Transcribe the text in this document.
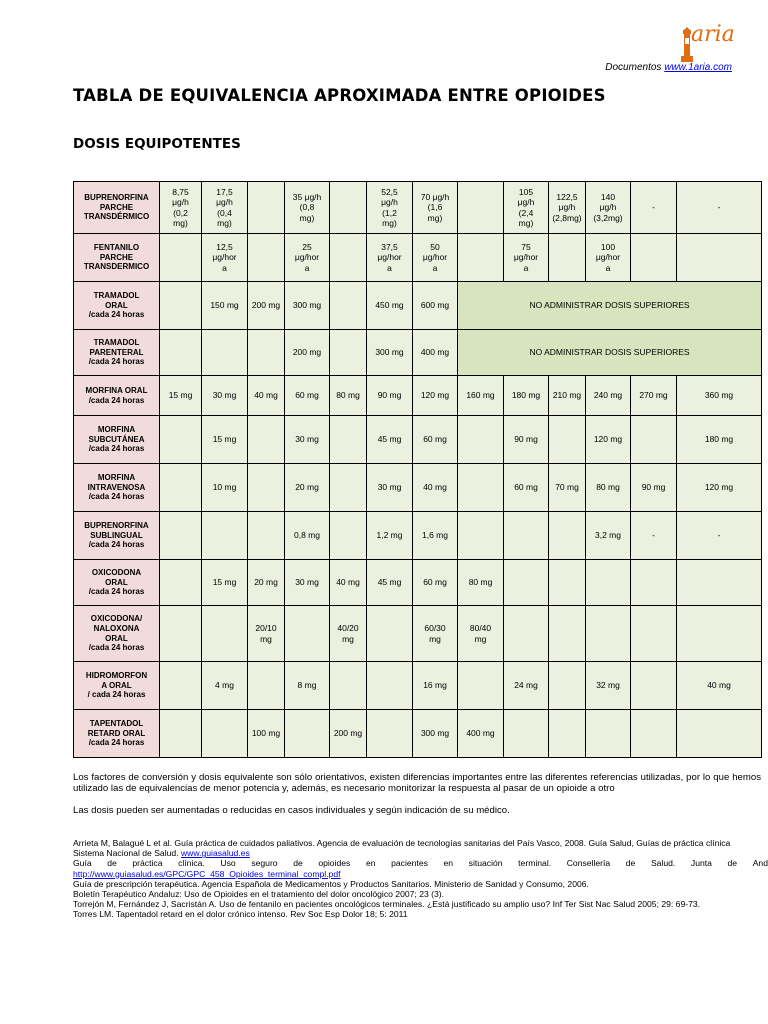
aria
Documentos www.1aria.com
TABLA DE EQUIVALENCIA APROXIMADA ENTRE OPIOIDES
DOSIS EQUIPOTENTES
BUPRENORFINA
PARCHE
TRANSDÉRMICO	8,75
μg/h
(0,2
mg)	17,5
μg/h
(0,4
mg)		35 μg/h
(0,8
mg)		52,5
μg/h
(1,2
mg)	70 μg/h
(1,6
mg)		105
μg/h
(2,4
mg)	122,5
μg/h
(2,8mg)	140
μg/h
(3,2mg)	-	-

FENTANILO
PARCHE
TRANSDERMICO		12,5
μg/hor
a		25
μg/hor
a		37,5
μg/hor
a	50
μg/hor
a		75
μg/hor
a		100
μg/hor
a		

TRAMADOL
ORAL
/cada 24 horas		150 mg	200 mg	300 mg		450 mg	600 mg	NO ADMINISTRAR DOSIS SUPERIORES					

TRAMADOL
PARENTERAL
/cada 24 horas				200 mg		300 mg	400 mg	NO ADMINISTRAR DOSIS SUPERIORES					

MORFINA ORAL
/cada 24 horas	15 mg	30 mg	40 mg	60 mg	80 mg	90 mg	120 mg	160 mg	180 mg	210 mg	240 mg	270 mg	360 mg

MORFINA
SUBCUTÁNEA
/cada 24 horas		15 mg		30 mg		45 mg	60 mg		90 mg		120 mg		180 mg

MORFINA
INTRAVENOSA
/cada 24 horas		10 mg		20 mg		30 mg	40 mg		60 mg	70 mg	80 mg	90 mg	120 mg

BUPRENORFINA
SUBLINGUAL
/cada 24 horas				0,8 mg		1,2 mg	1,6 mg				3,2 mg	-	-

OXICODONA
ORAL
/cada 24 horas		15 mg	20 mg	30 mg	40 mg	45 mg	60 mg	80 mg					

OXICODONA/
NALOXONA
ORAL
/cada 24 horas			20/10
mg		40/20
mg		60/30
mg	80/40
mg					

HIDROMORFON
A ORAL
/ cada 24 horas		4 mg		8 mg			16 mg		24 mg		32 mg		40 mg

TAPENTADOL
RETARD ORAL
/cada 24 horas			100 mg		200 mg		300 mg	400 mg					

Los factores de conversión y dosis equivalente son sólo orientativos, existen diferencias importantes entre las diferentes referencias utilizadas, por lo que hemos utilizado las de equivalencias de menor potencia y, además, es necesario monitorizar la respuesta al pasar de un opioide a otro

Las dosis pueden ser aumentadas o reducidas en casos individuales y según indicación de su médico.

Arrieta M, Balagué L et al. Guía práctica de cuidados paliativos. Agencia de evaluación de tecnologías sanitarias del País Vasco, 2008. Guía Salud, Guías de práctica clínica
Sistema Nacional de Salud. www.guiasalud.es
Guía de práctica clínica. Uso seguro de opioides en pacientes en situación terminal. Consellería de Salud. Junta de And
http://www.guiasalud.es/GPC/GPC_458_Opioides_terminal_compl.pdf
Guía de prescripción terapéutica. Agencia Española de Medicamentos y Productos Sanitarios. Ministerio de Sanidad y Consumo, 2006.
Boletín Terapéutico Andaluz: Uso de Opioides en el tratamiento del dolor oncológico 2007; 23 (3).
Torrejón M, Fernández J, Sacristán A. Uso de fentanilo en pacientes oncológicos terminales. ¿Está justificado su amplio uso? Inf Ter Sist Nac Salud 2005; 29: 69-73.
Torres LM. Tapentadol retard en el dolor crónico intenso. Rev Soc Esp Dolor 18; 5: 2011
